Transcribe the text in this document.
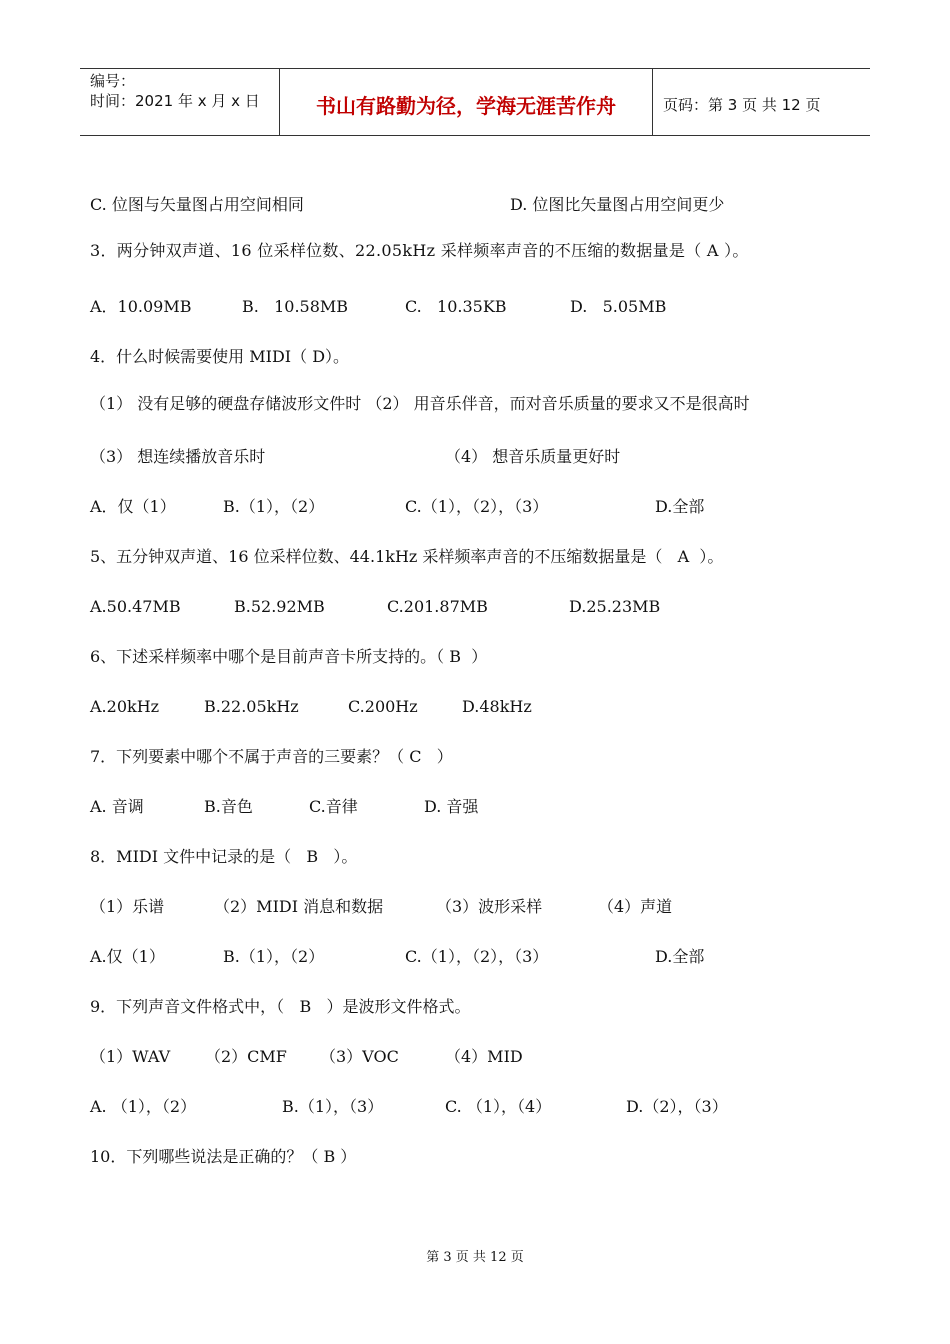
编号：
时间：2021 年 x 月 x 日	书山有路勤为径，学海无涯苦作舟	页码：第 3 页 共 12 页
C. 位图与矢量图占用空间相同	D. 位图比矢量图占用空间更少
3．两分钟双声道、16 位采样位数、22.05kHz 采样频率声音的不压缩的数据量是（ A ）。
A．10.09MB	B.   10.58MB	C.   10.35KB	D.   5.05MB
4．什么时候需要使用 MIDI（ D）。
（1） 没有足够的硬盘存储波形文件时 （2） 用音乐伴音，而对音乐质量的要求又不是很高时
（3） 想连续播放音乐时	（4） 想音乐质量更好时
A．仅（1）	B.（1），（2）	C.（1），（2），（3）	D.全部
5、五分钟双声道、16 位采样位数、44.1kHz 采样频率声音的不压缩数据量是（   A  ）。
A.50.47MB	B.52.92MB	C.201.87MB	D.25.23MB
6、下述采样频率中哪个是目前声音卡所支持的。（ B  ）
A.20kHz	B.22.05kHz	C.200Hz	D.48kHz
7．下列要素中哪个不属于声音的三要素？（ C   ）
A. 音调	B.音色	C.音律	D. 音强
8．MIDI 文件中记录的是（   B   ）。
（1）乐谱	（2）MIDI 消息和数据	（3）波形采样	（4）声道
A.仅（1）	B.（1），（2）	C.（1），（2），（3）	D.全部
9．下列声音文件格式中，（   B   ）是波形文件格式。
（1）WAV （2）CMF （3）VOC	（4）MID
A. （1），（2）	B.（1），（3）	C. （1），（4）	D.（2），（3）
10．下列哪些说法是正确的？（ B ）
第 3 页 共 12 页
